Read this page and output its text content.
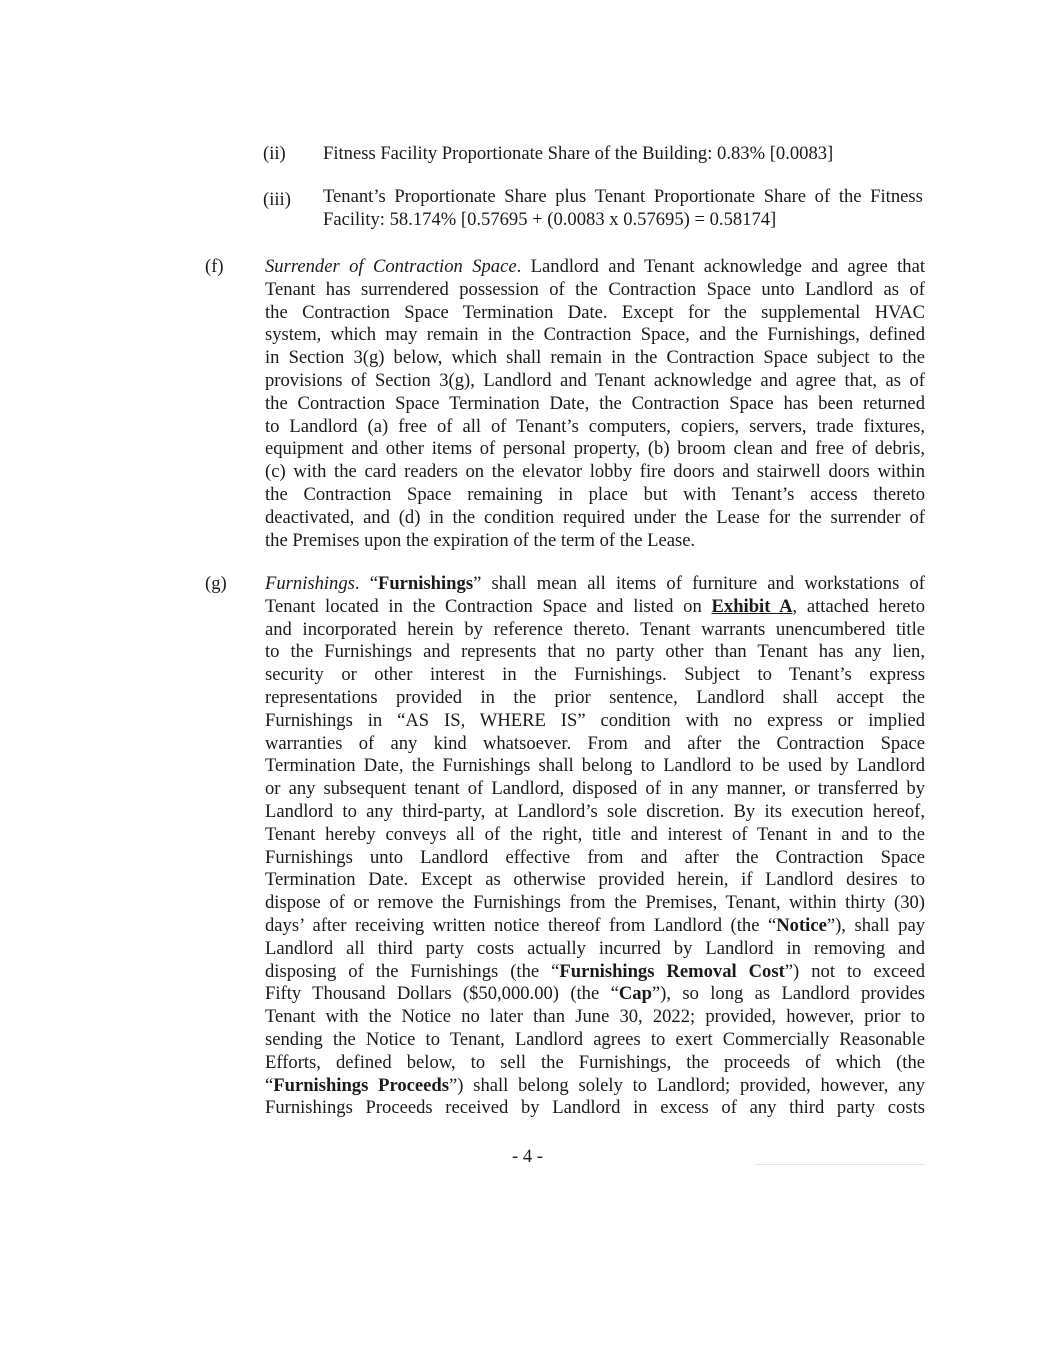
(ii) Fitness Facility Proportionate Share of the Building: 0.83% [0.0083]
(iii) Tenant’s Proportionate Share plus Tenant Proportionate Share of the Fitness
Facility: 58.174% [0.57695 + (0.0083 x 0.57695) = 0.58174]
(f) Surrender of Contraction Space. Landlord and Tenant acknowledge and agree that
Tenant has surrendered possession of the Contraction Space unto Landlord as of
the Contraction Space Termination Date. Except for the supplemental HVAC
system, which may remain in the Contraction Space, and the Furnishings, defined
in Section 3(g) below, which shall remain in the Contraction Space subject to the
provisions of Section 3(g), Landlord and Tenant acknowledge and agree that, as of
the Contraction Space Termination Date, the Contraction Space has been returned
to Landlord (a) free of all of Tenant’s computers, copiers, servers, trade fixtures,
equipment and other items of personal property, (b) broom clean and free of debris,
(c) with the card readers on the elevator lobby fire doors and stairwell doors within
the Contraction Space remaining in place but with Tenant’s access thereto
deactivated, and (d) in the condition required under the Lease for the surrender of
the Premises upon the expiration of the term of the Lease.
(g) Furnishings. “Furnishings” shall mean all items of furniture and workstations of
Tenant located in the Contraction Space and listed on Exhibit A, attached hereto
and incorporated herein by reference thereto. Tenant warrants unencumbered title
to the Furnishings and represents that no party other than Tenant has any lien,
security or other interest in the Furnishings. Subject to Tenant’s express
representations provided in the prior sentence, Landlord shall accept the
Furnishings in “AS IS, WHERE IS” condition with no express or implied
warranties of any kind whatsoever. From and after the Contraction Space
Termination Date, the Furnishings shall belong to Landlord to be used by Landlord
or any subsequent tenant of Landlord, disposed of in any manner, or transferred by
Landlord to any third-party, at Landlord’s sole discretion. By its execution hereof,
Tenant hereby conveys all of the right, title and interest of Tenant in and to the
Furnishings unto Landlord effective from and after the Contraction Space
Termination Date. Except as otherwise provided herein, if Landlord desires to
dispose of or remove the Furnishings from the Premises, Tenant, within thirty (30)
days’ after receiving written notice thereof from Landlord (the “Notice”), shall pay
Landlord all third party costs actually incurred by Landlord in removing and
disposing of the Furnishings (the “Furnishings Removal Cost”) not to exceed
Fifty Thousand Dollars ($50,000.00) (the “Cap”), so long as Landlord provides
Tenant with the Notice no later than June 30, 2022; provided, however, prior to
sending the Notice to Tenant, Landlord agrees to exert Commercially Reasonable
Efforts, defined below, to sell the Furnishings, the proceeds of which (the
“Furnishings Proceeds”) shall belong solely to Landlord; provided, however, any
Furnishings Proceeds received by Landlord in excess of any third party costs
- 4 -
